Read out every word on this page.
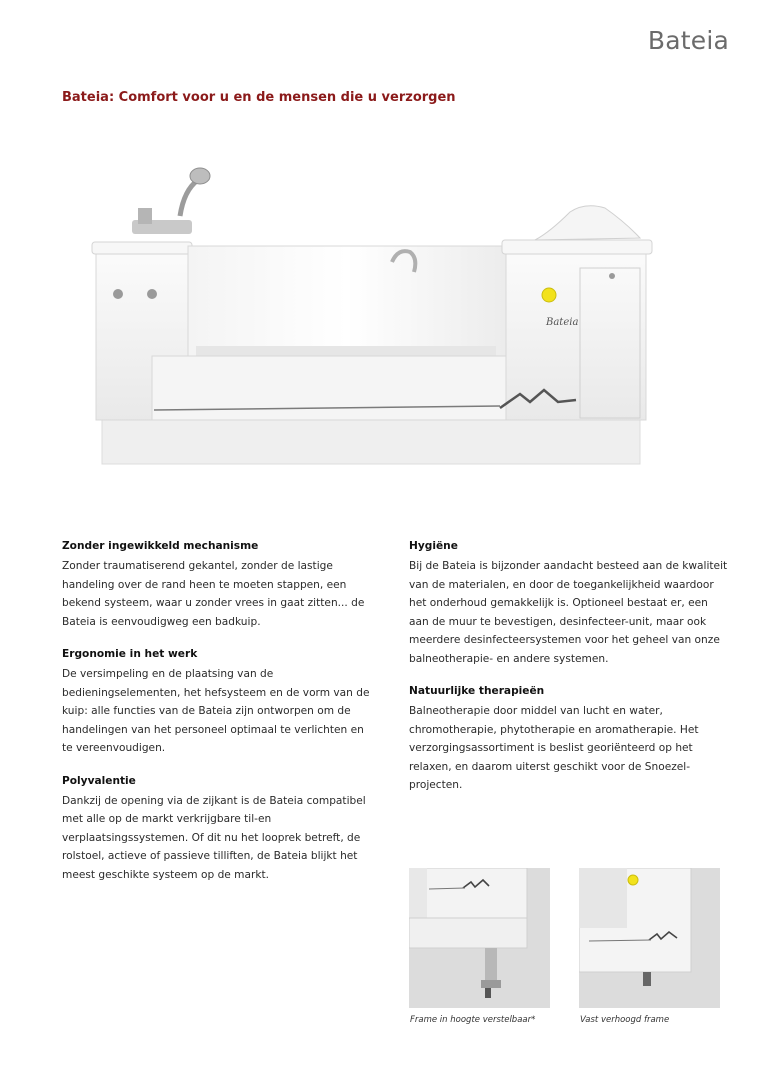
Bateia
Bateia: Comfort voor u en de mensen die u verzorgen
Bateia
Zonder ingewikkeld mechanisme

Zonder traumatiserend gekantel, zonder de lastige handeling over de rand heen te moeten stappen, een bekend systeem, waar u zonder vrees in gaat zitten... de Bateia is eenvoudigweg een badkuip.

Ergonomie in het werk

De versimpeling en de plaatsing van de bedieningselementen, het hefsysteem en de vorm van de kuip: alle functies van de Bateia zijn ontworpen om de handelingen van het personeel optimaal te verlichten en te vereenvoudigen.

Polyvalentie

Dankzij de opening via de zijkant is de Bateia compatibel met alle op de markt verkrijgbare til-en verplaatsingssystemen. Of dit nu het looprek betreft, de rolstoel, actieve of passieve tilliften, de Bateia blijkt het meest geschikte systeem op de markt.

Hygiëne

Bij de Bateia is bijzonder aandacht besteed aan de kwaliteit van de materialen, en door de toegankelijkheid waardoor het onderhoud gemakkelijk is. Optioneel bestaat er, een aan de muur te bevestigen, desinfecteer-unit, maar ook meerdere desinfecteersystemen voor het geheel van onze balneotherapie- en andere systemen.

Natuurlijke therapieën

Balneotherapie door middel van lucht en water, chromotherapie, phytotherapie en aromatherapie. Het verzorgingsassortiment is beslist georiënteerd op het relaxen, en daarom uiterst geschikt voor de Snoezel-projecten.

Frame in hoogte verstelbaar*	Vast verhoogd frame
